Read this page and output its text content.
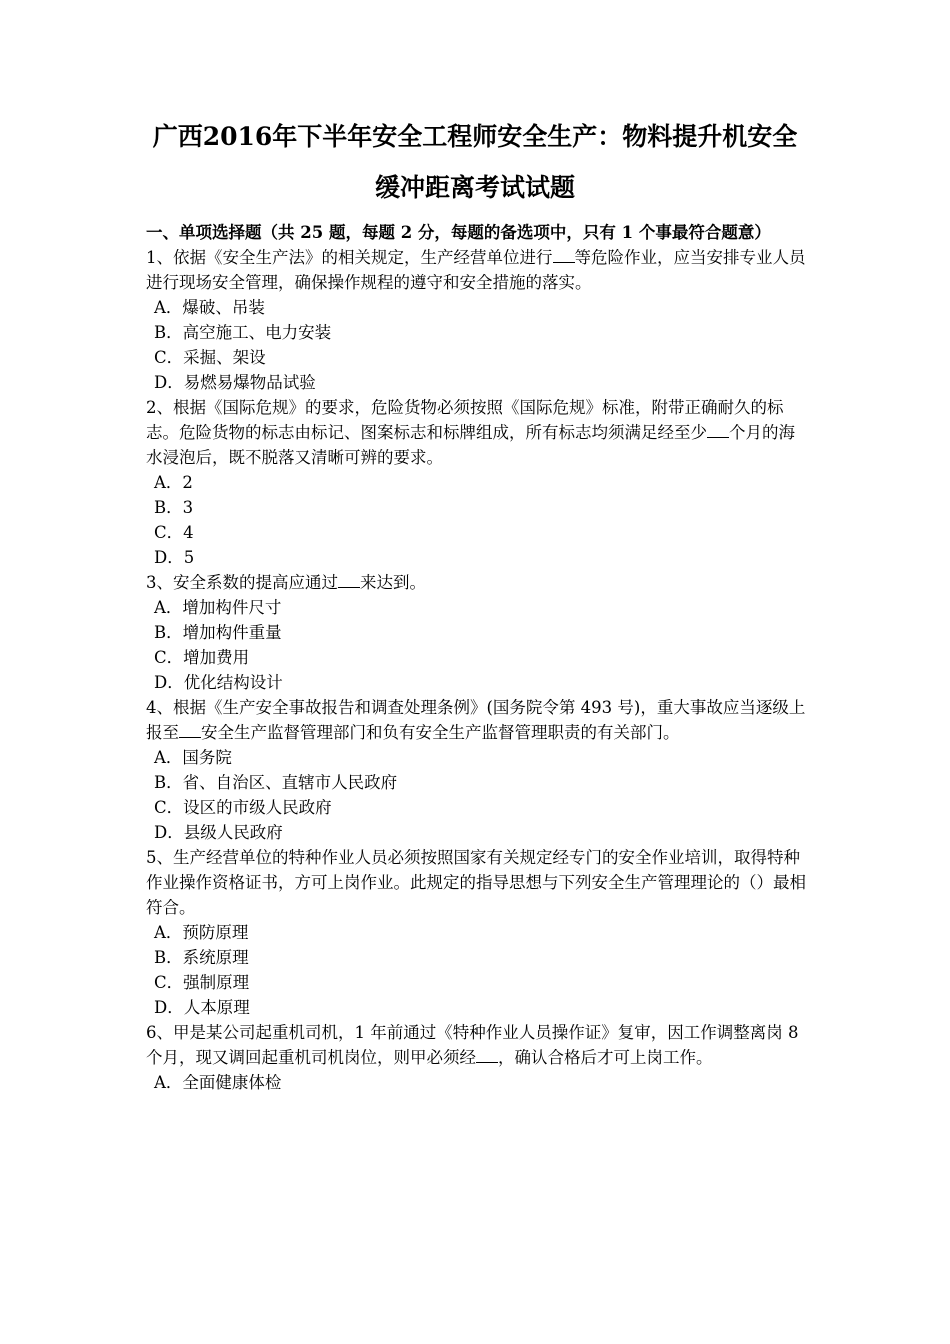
广西2016年下半年安全工程师安全生产：物料提升机安全
缓冲距离考试试题

一、单项选择题（共 25 题，每题 2 分，每题的备选项中，只有 1 个事最符合题意）

1、依据《安全生产法》的相关规定，生产经营单位进行 等危险作业，应当安排专业人员进行现场安全管理，确保操作规程的遵守和安全措施的落实。

A．爆破、吊装

B．高空施工、电力安装

C．采掘、架设

D．易燃易爆物品试验

2、根据《国际危规》的要求，危险货物必须按照《国际危规》标准，附带正确耐久的标志。危险货物的标志由标记、图案标志和标牌组成，所有标志均须满足经至少 个月的海水浸泡后，既不脱落又清晰可辨的要求。

A．2

B．3

C．4

D．5

3、安全系数的提高应通过 来达到。

A．增加构件尺寸

B．增加构件重量

C．增加费用

D．优化结构设计

4、根据《生产安全事故报告和调查处理条例》(国务院令第 493 号)，重大事故应当逐级上报至 安全生产监督管理部门和负有安全生产监督管理职责的有关部门。

A．国务院

B．省、自治区、直辖市人民政府

C．设区的市级人民政府

D．县级人民政府

5、生产经营单位的特种作业人员必须按照国家有关规定经专门的安全作业培训，取得特种作业操作资格证书，方可上岗作业。此规定的指导思想与下列安全生产管理理论的（）最相符合。

A．预防原理

B．系统原理

C．强制原理

D．人本原理

6、甲是某公司起重机司机，1 年前通过《特种作业人员操作证》复审，因工作调整离岗 8 个月，现又调回起重机司机岗位，则甲必须经 ，确认合格后才可上岗工作。

A．全面健康体检
